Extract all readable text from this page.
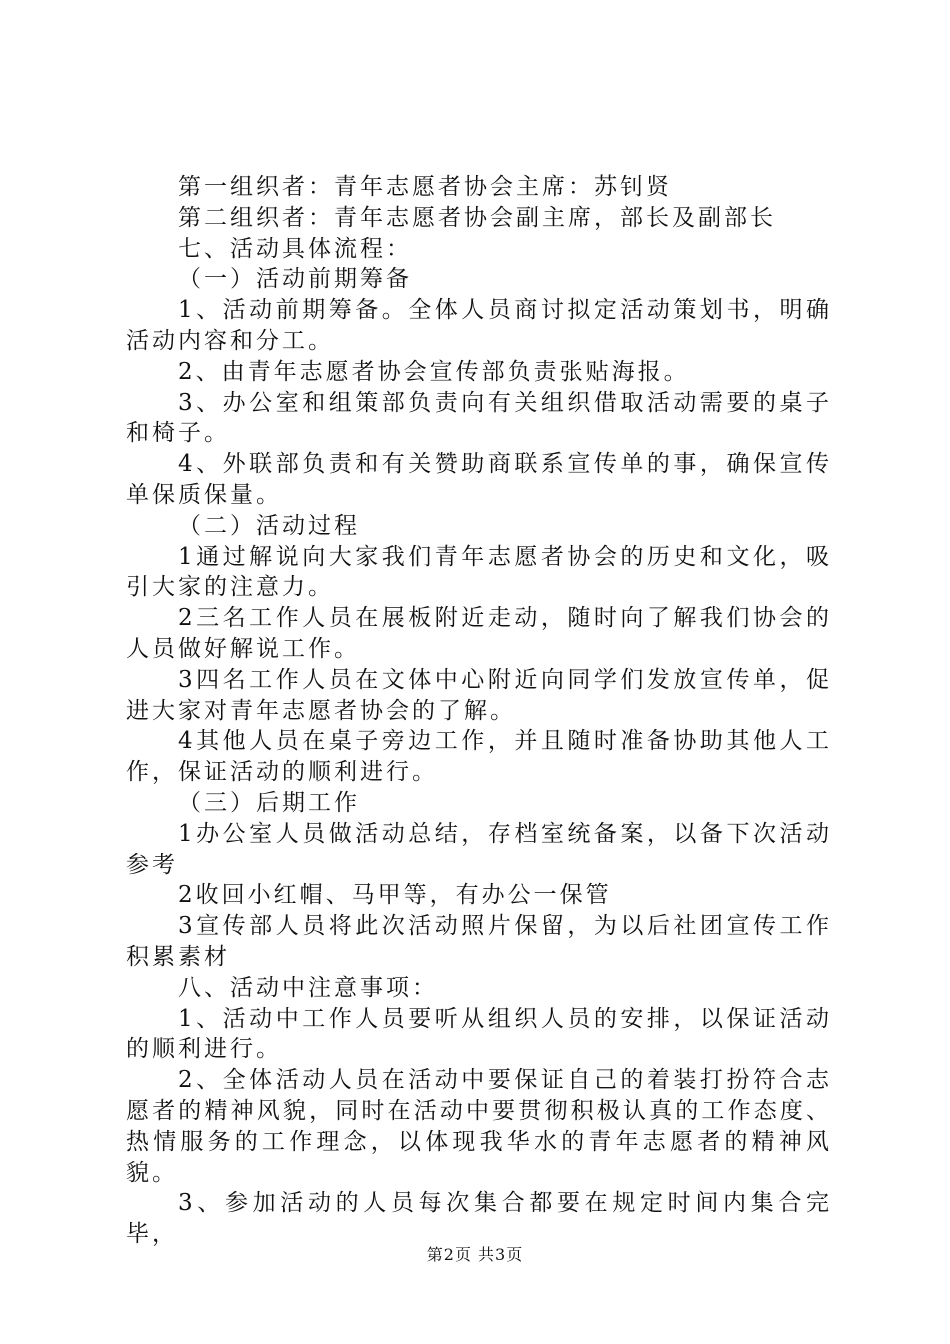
第一组织者：青年志愿者协会主席：苏钊贤

第二组织者：青年志愿者协会副主席，部长及副部长

七、活动具体流程：

（一）活动前期筹备

1、活动前期筹备。全体人员商讨拟定活动策划书，明确活动内容和分工。

2、由青年志愿者协会宣传部负责张贴海报。

3、办公室和组策部负责向有关组织借取活动需要的桌子和椅子。

4、外联部负责和有关赞助商联系宣传单的事，确保宣传单保质保量。

（二）活动过程

1通过解说向大家我们青年志愿者协会的历史和文化，吸引大家的注意力。

2三名工作人员在展板附近走动，随时向了解我们协会的人员做好解说工作。

3四名工作人员在文体中心附近向同学们发放宣传单，促进大家对青年志愿者协会的了解。

4其他人员在桌子旁边工作，并且随时准备协助其他人工作，保证活动的顺利进行。

（三）后期工作

1办公室人员做活动总结，存档室统备案，以备下次活动参考

2收回小红帽、马甲等，有办公一保管

3宣传部人员将此次活动照片保留，为以后社团宣传工作积累素材

八、活动中注意事项：

1、活动中工作人员要听从组织人员的安排，以保证活动的顺利进行。

2、全体活动人员在活动中要保证自己的着装打扮符合志愿者的精神风貌，同时在活动中要贯彻积极认真的工作态度、热情服务的工作理念，以体现我华水的青年志愿者的精神风貌。

3、参加活动的人员每次集合都要在规定时间内集合完毕，

第2页 共3页
